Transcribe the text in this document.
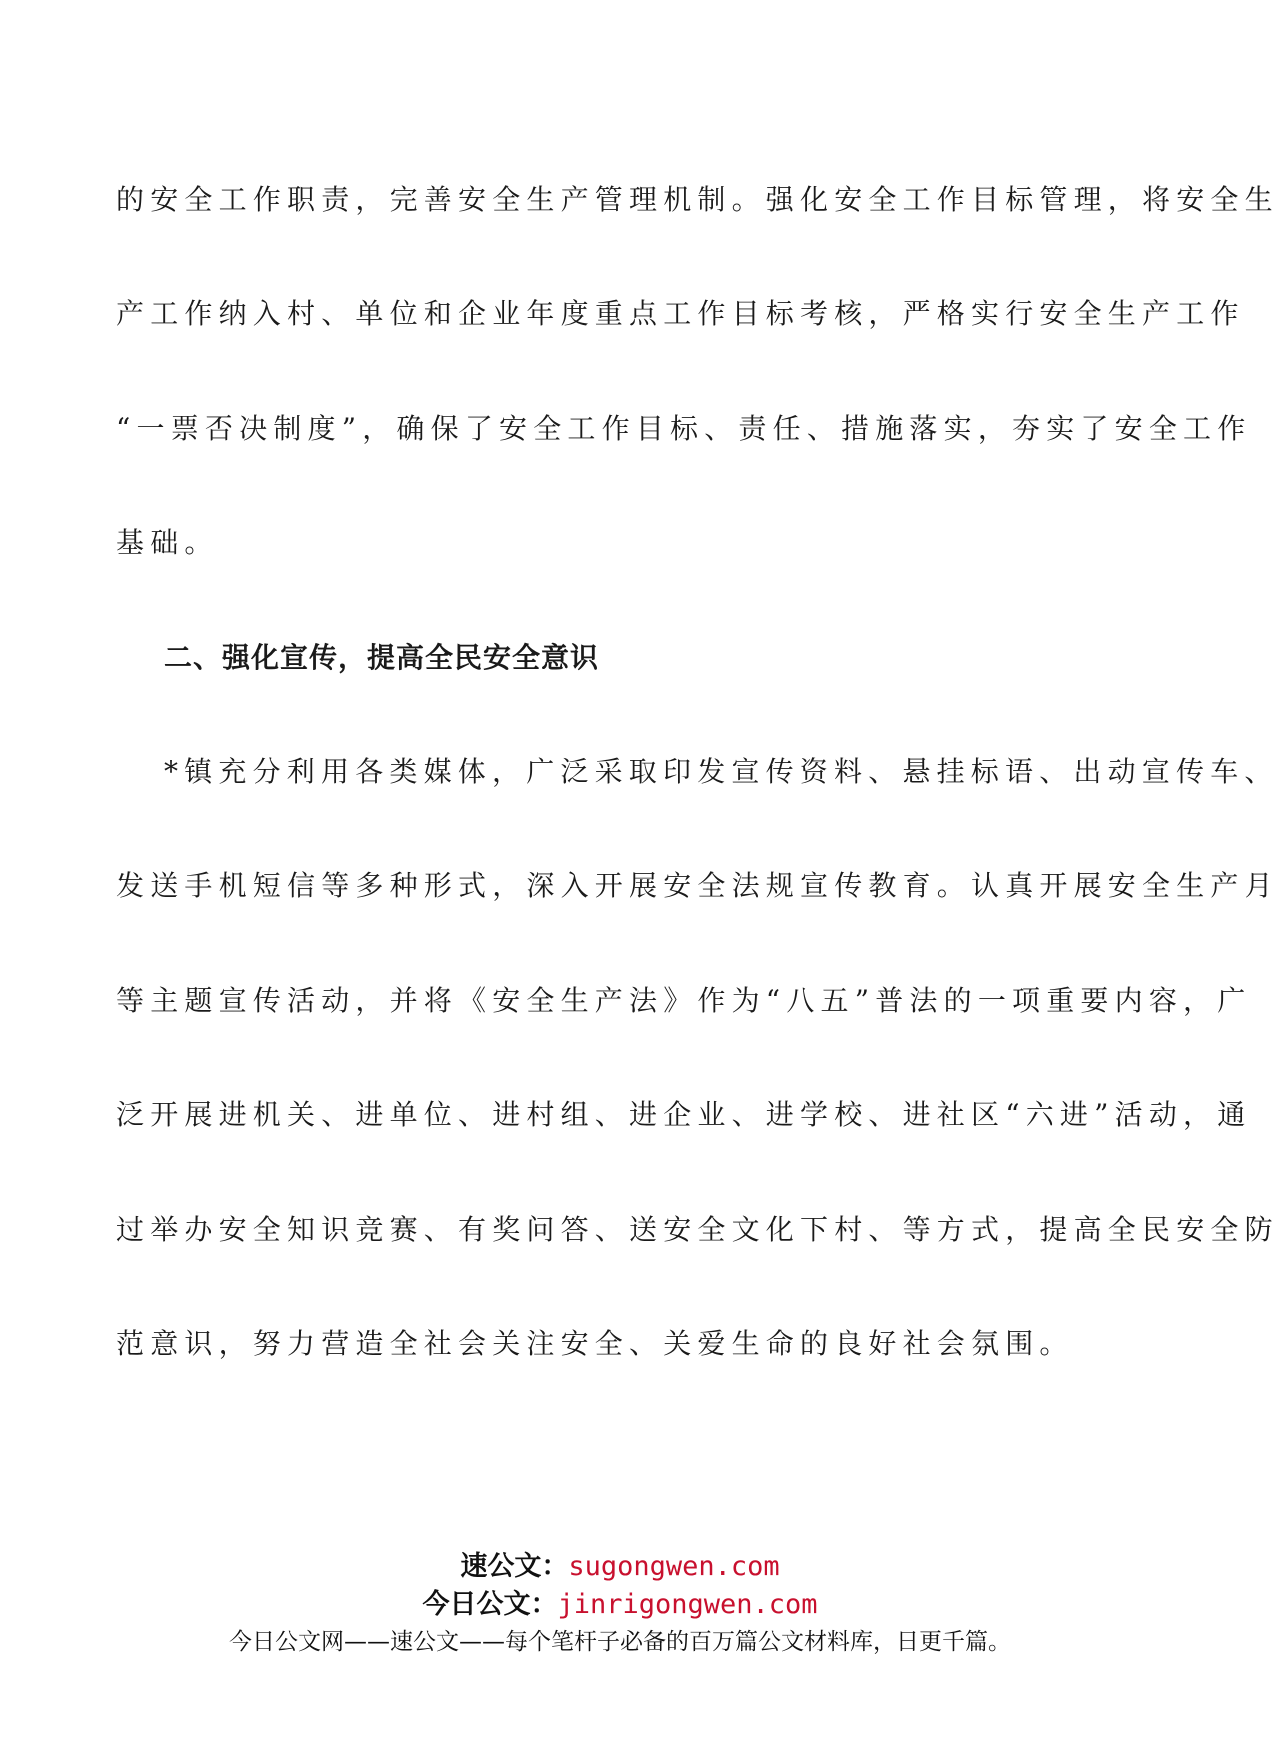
的安全工作职责，完善安全生产管理机制。强化安全工作目标管理，将安全生
产工作纳入村、单位和企业年度重点工作目标考核，严格实行安全生产工作
“一票否决制度”，确保了安全工作目标、责任、措施落实，夯实了安全工作
基础。
二、强化宣传，提高全民安全意识
*镇充分利用各类媒体，广泛采取印发宣传资料、悬挂标语、出动宣传车、
发送手机短信等多种形式，深入开展安全法规宣传教育。认真开展安全生产月
等主题宣传活动，并将《安全生产法》作为“八五”普法的一项重要内容，广
泛开展进机关、进单位、进村组、进企业、进学校、进社区“六进”活动，通
过举办安全知识竞赛、有奖问答、送安全文化下村、等方式，提高全民安全防
范意识，努力营造全社会关注安全、关爱生命的良好社会氛围。
速公文：sugongwen.com
今日公文：jinrigongwen.com
今日公文网——速公文——每个笔杆子必备的百万篇公文材料库，日更千篇。
